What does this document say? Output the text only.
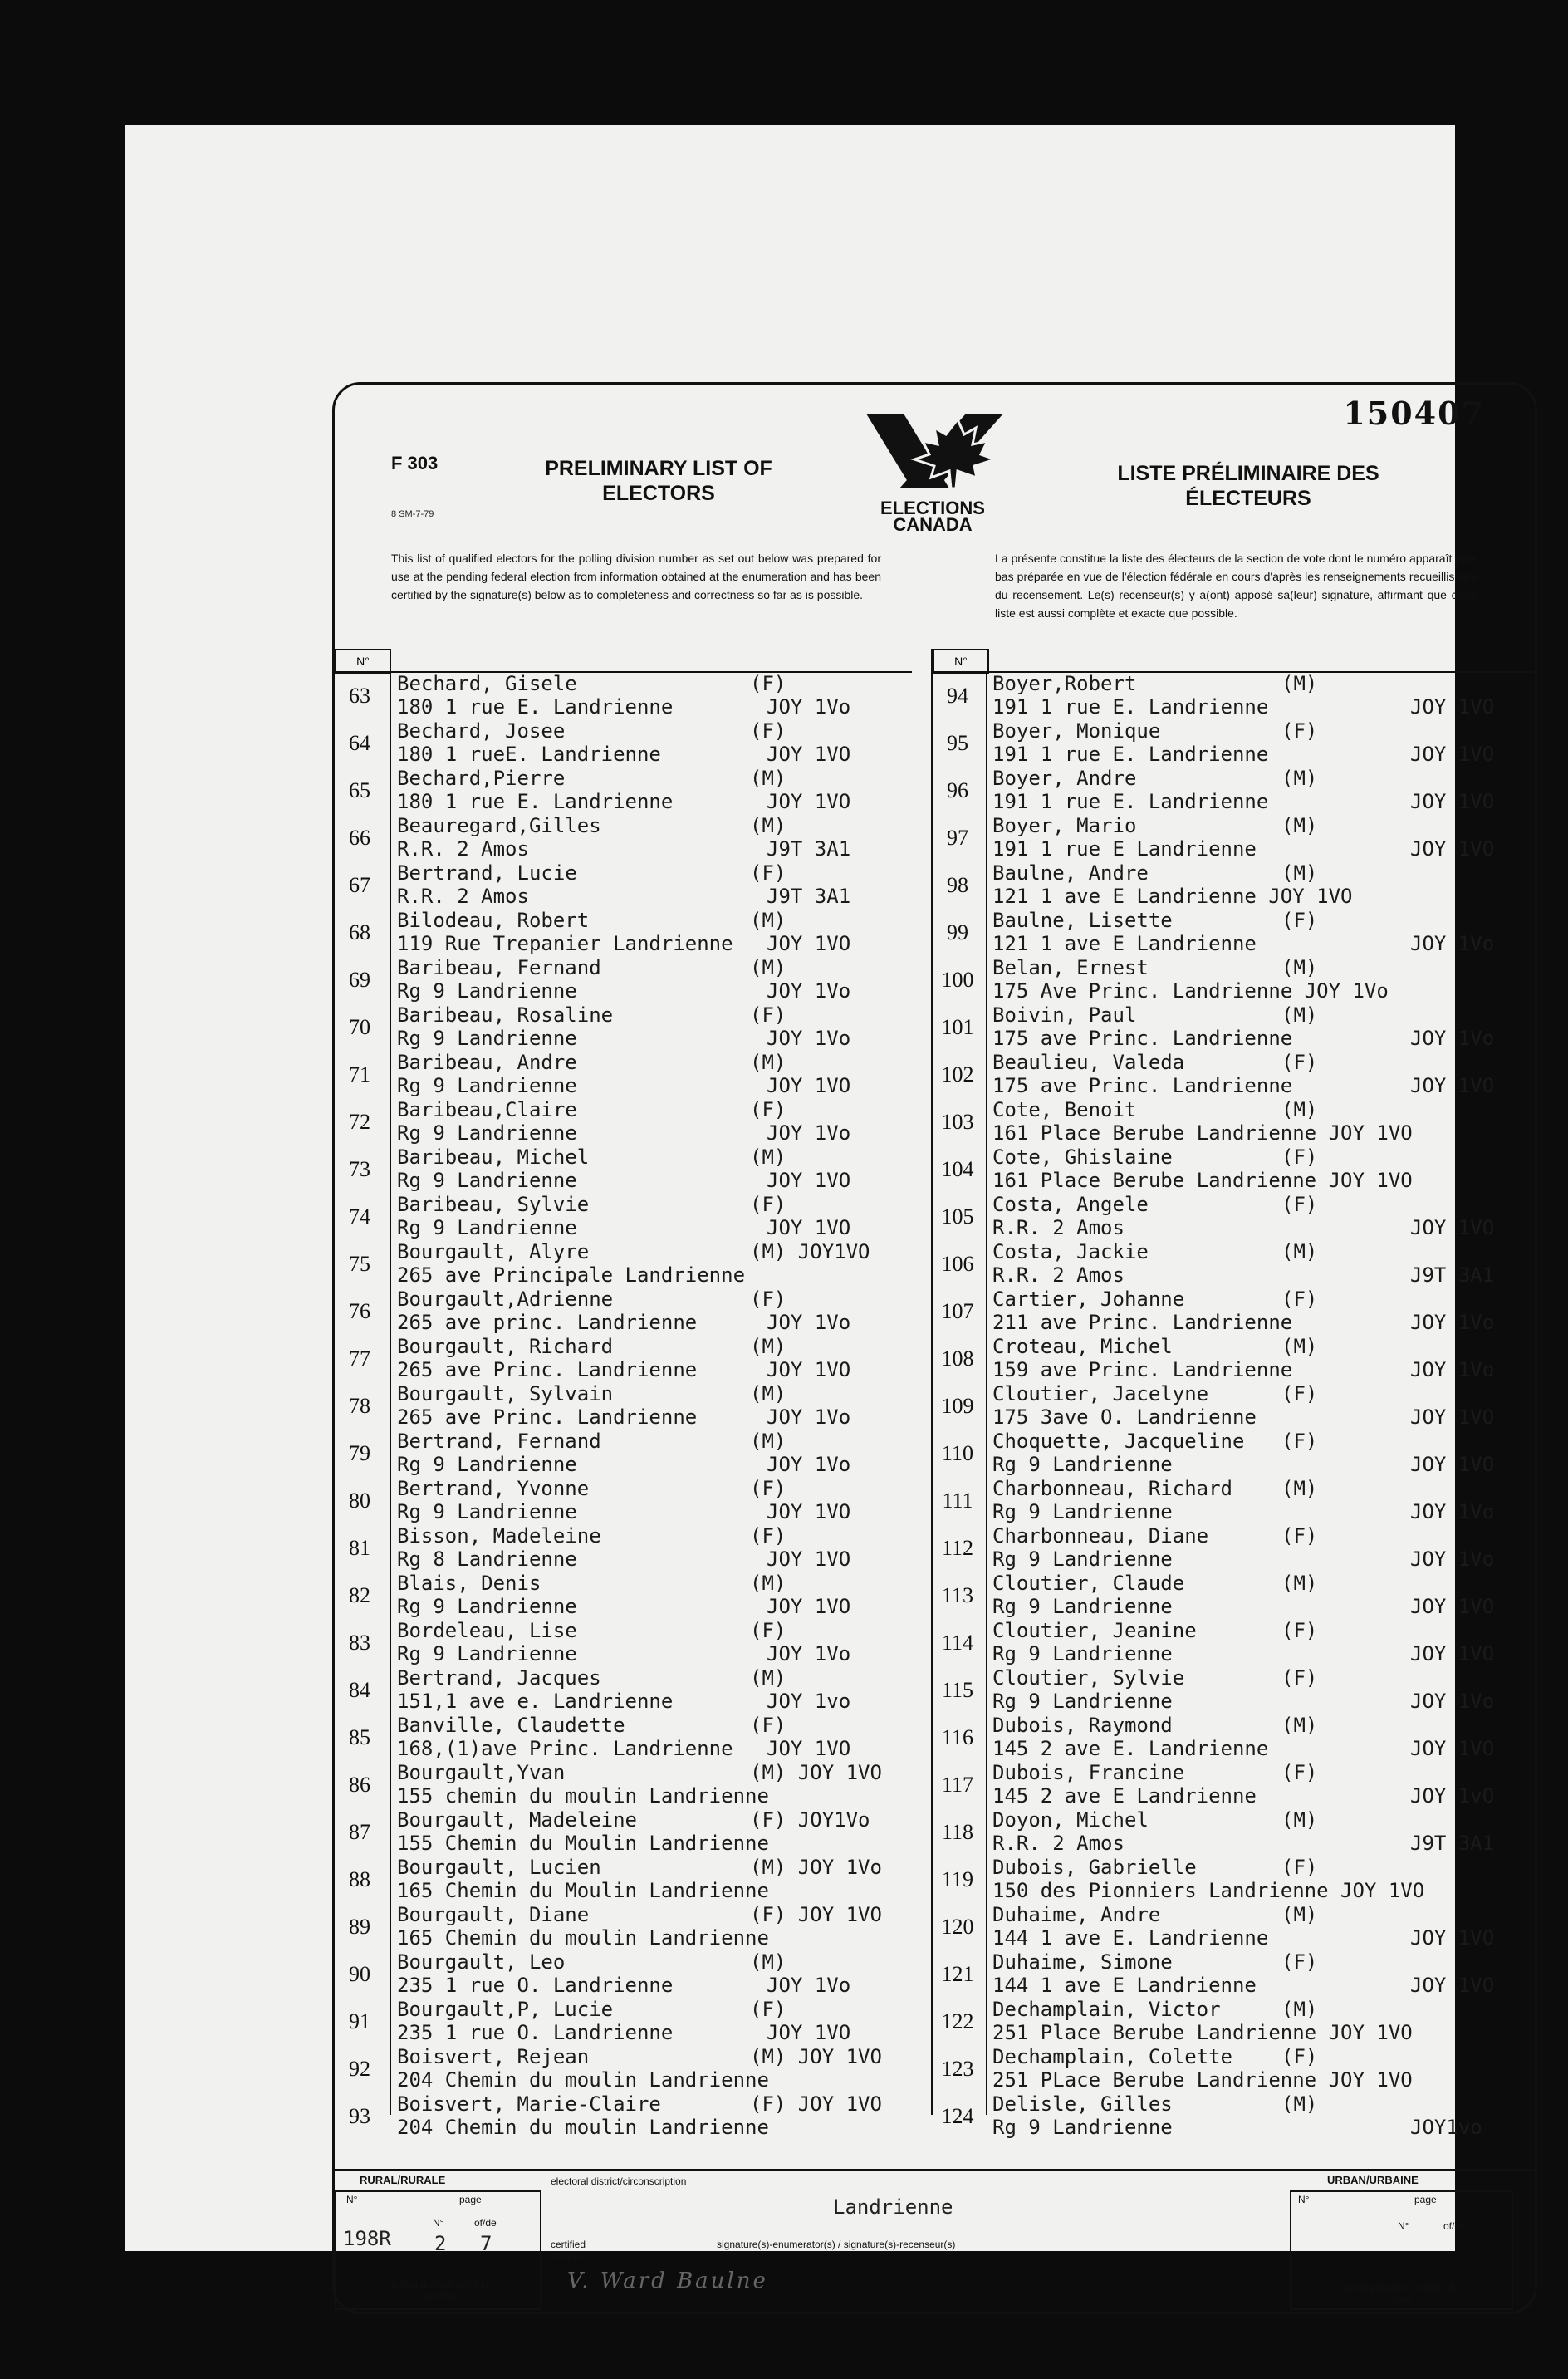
150407
F 303
8 SM-7-79
PRELIMINARY LIST OF ELECTORS
ELECTIONS
CANADA
LISTE PRÉLIMINAIRE DES ÉLECTEURS
This list of qualified electors for the polling division number as set out below was prepared for use at the pending federal election from information obtained at the enumeration and has been certified by the signature(s) below as to completeness and correctness so far as is possible.
La présente constitue la liste des électeurs de la section de vote dont le numéro apparaît plus bas préparée en vue de l'élection fédérale en cours d'après les renseignements recueillis lors du recensement. Le(s) recenseur(s) y a(ont) apposé sa(leur) signature, affirmant que cette liste est aussi complète et exacte que possible.
N°
63	Bechard, Gisele	(F)
180 1 rue E. Landrienne	JOY 1Vo
64	Bechard, Josee	(F)
180 1 rueE. Landrienne	JOY 1VO
65	Bechard,Pierre	(M)
180 1 rue E. Landrienne	JOY 1VO
66	Beauregard,Gilles	(M)
R.R. 2 Amos	J9T 3A1
67	Bertrand, Lucie	(F)
R.R. 2 Amos	J9T 3A1
68	Bilodeau, Robert	(M)
119 Rue Trepanier Landrienne JOY 1VO
69	Baribeau, Fernand	(M)
Rg 9 Landrienne	JOY 1Vo
70	Baribeau, Rosaline	(F)
Rg 9 Landrienne	JOY 1Vo
71	Baribeau, Andre	(M)
Rg 9 Landrienne	JOY 1VO
72	Baribeau,Claire	(F)
Rg 9 Landrienne	JOY 1Vo
73	Baribeau, Michel	(M)
Rg 9 Landrienne	JOY 1VO
74	Baribeau, Sylvie	(F)
Rg 9 Landrienne	JOY 1VO
75	Bourgault, Alyre	(M) JOY1VO
265 ave Principale Landrienne
76	Bourgault,Adrienne	(F)
265 ave princ. Landrienne	JOY 1Vo
77	Bourgault, Richard	(M)
265 ave Princ. Landrienne	JOY 1VO
78	Bourgault, Sylvain	(M)
265 ave Princ. Landrienne	JOY 1Vo
79	Bertrand, Fernand	(M)
Rg 9 Landrienne	JOY 1Vo
80	Bertrand, Yvonne	(F)
Rg 9 Landrienne	JOY 1VO
81	Bisson, Madeleine	(F)
Rg 8 Landrienne	JOY 1VO
82	Blais, Denis	(M)
Rg 9 Landrienne	JOY 1VO
83	Bordeleau, Lise	(F)
Rg 9 Landrienne	JOY 1Vo
84	Bertrand, Jacques	(M)
151,1 ave e. Landrienne	JOY 1vo
85	Banville, Claudette	(F)
168,(1)ave Princ. Landrienne JOY 1VO
86	Bourgault,Yvan	(M) JOY 1VO
155 chemin du moulin Landrienne
87	Bourgault, Madeleine	(F) JOY1Vo
155 Chemin du Moulin Landrienne
88	Bourgault, Lucien	(M) JOY 1Vo
165 Chemin du Moulin Landrienne
89	Bourgault, Diane	(F) JOY 1VO
165 Chemin du moulin Landrienne
90	Bourgault, Leo	(M)
235 1 rue O. Landrienne	JOY 1Vo
91	Bourgault,P, Lucie	(F)
235 1 rue O. Landrienne	JOY 1VO
92	Boisvert, Rejean	(M) JOY 1VO
204 Chemin du moulin Landrienne
93	Boisvert, Marie-Claire	(F) JOY 1VO
204 Chemin du moulin Landrienne
N°
94	Boyer,Robert	(M)
191 1 rue E. Landrienne	JOY 1VO
95	Boyer, Monique	(F)
191 1 rue E. Landrienne	JOY 1VO
96	Boyer, Andre	(M)
191 1 rue E. Landrienne	JOY 1VO
97	Boyer, Mario	(M)
191 1 rue E Landrienne	JOY 1VO
98	Baulne, Andre	(M)
121 1 ave E Landrienne JOY 1VO
99	Baulne, Lisette	(F)
121 1 ave E Landrienne	JOY 1Vo
100 Belan, Ernest	(M)
175 Ave Princ. Landrienne JOY 1Vo
101 Boivin, Paul	(M)
175 ave Princ. Landrienne	JOY 1Vo
102 Beaulieu, Valeda	(F)
175 ave Princ. Landrienne	JOY 1VO
103 Cote, Benoit	(M)
161 Place Berube Landrienne JOY 1VO
104 Cote, Ghislaine	(F)
161 Place Berube Landrienne JOY 1VO
105 Costa, Angele	(F)
R.R. 2 Amos	JOY 1VO
106 Costa, Jackie	(M)
R.R. 2 Amos	J9T 3A1
107 Cartier, Johanne	(F)
211 ave Princ. Landrienne	JOY 1Vo
108 Croteau, Michel	(M)
159 ave Princ. Landrienne	JOY 1Vo
109 Cloutier, Jacelyne	(F)
175 3ave O. Landrienne	JOY 1VO
110 Choquette, Jacqueline (F)
Rg 9 Landrienne	JOY 1VO
111 Charbonneau, Richard (M)
Rg 9 Landrienne	JOY 1Vo
112 Charbonneau, Diane	(F)
Rg 9 Landrienne	JOY 1Vo
113 Cloutier, Claude	(M)
Rg 9 Landrienne	JOY 1VO
114 Cloutier, Jeanine	(F)
Rg 9 Landrienne	JOY 1VO
115 Cloutier, Sylvie	(F)
Rg 9 Landrienne	JOY 1Vo
116 Dubois, Raymond	(M)
145 2 ave E. Landrienne	JOY 1VO
117 Dubois, Francine	(F)
145 2 ave E Landrienne	JOY 1vO
118 Doyon, Michel	(M)
R.R. 2 Amos	J9T 3A1
119 Dubois, Gabrielle	(F)
150 des Pionniers Landrienne JOY 1VO
120 Duhaime, Andre	(M)
144 1 ave E. Landrienne	JOY 1VO
121 Duhaime, Simone	(F)
144 1 ave E Landrienne	JOY 1VO
122 Dechamplain, Victor	(M)
251 Place Berube Landrienne JOY 1VO
123 Dechamplain, Colette (F)
251 PLace Berube Landrienne JOY 1VO
124 Delisle, Gilles	(M)
Rg 9 Landrienne	JOY1vo
RURAL/RURALE
N°	page
198R
N°	of/de
2 7
polling division section de vote
electoral district/circonscription
Landrienne
certified certifié
signature(s)-enumerator(s) / signature(s)-recenseur(s)
V. Ward Baulne
URBAN/URBAINE
N°	page
N°	of/de
polling division section de vote
